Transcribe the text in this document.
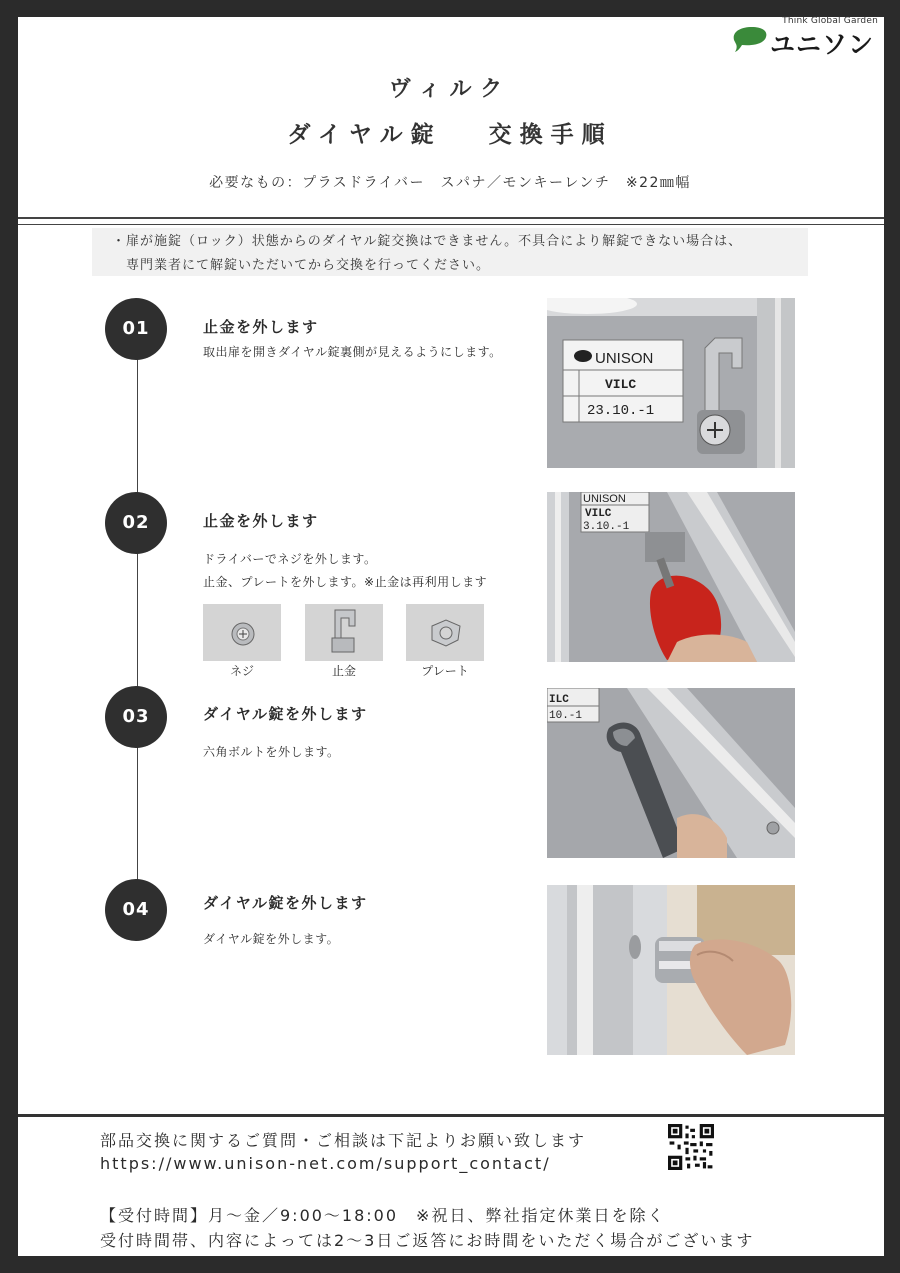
Think Global Garden
ユニソン
ヴィルク
ダイヤル錠　 交換手順
必要なもの：プラスドライバー　スパナ／モンキーレンチ　※22㎜幅
・扉が施錠（ロック）状態からのダイヤル錠交換はできません。不具合により解錠できない場合は、
専門業者にて解錠いただいてから交換を行ってください。
01	止金を外します
取出扉を開きダイヤル錠裏側が見えるようにします。	UNISON
VILC
23.10.-1
02	止金を外します
ドライバーでネジを外します。
止金、プレートを外します。※止金は再利用します
ネジ	止金	プレート
UNISON
VILC
3.10.-1
03	ダイヤル錠を外します
六角ボルトを外します。
ILC
10.-1
04	ダイヤル錠を外します
ダイヤル錠を外します。
部品交換に関するご質問・ご相談は下記よりお願い致します
https://www.unison-net.com/support_contact/
【受付時間】月～金／9:00～18:00　※祝日、弊社指定休業日を除く
受付時間帯、内容によっては2～3日ご返答にお時間をいただく場合がございます
